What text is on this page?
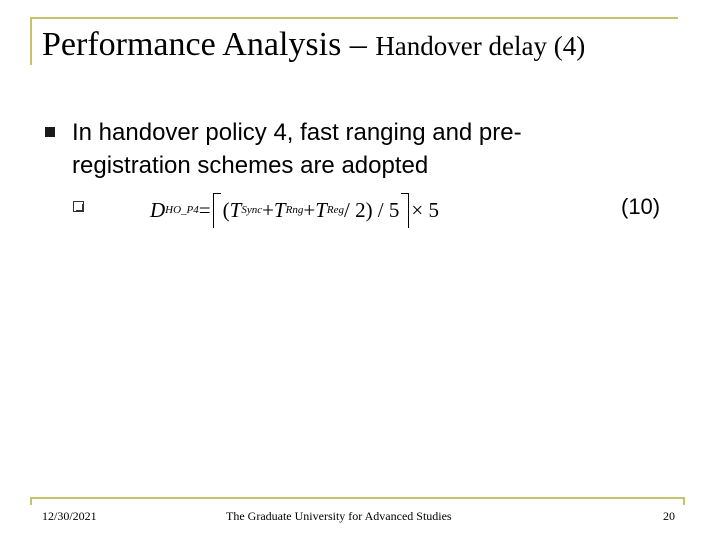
Performance Analysis – Handover delay (4)
In handover policy 4, fast ranging and pre-registration schemes are adopted
D HO_P4 = ( T Sync + T Rng + T Reg / 2) / 5 × 5	(10)
12/30/2021	The Graduate University for Advanced Studies	20
